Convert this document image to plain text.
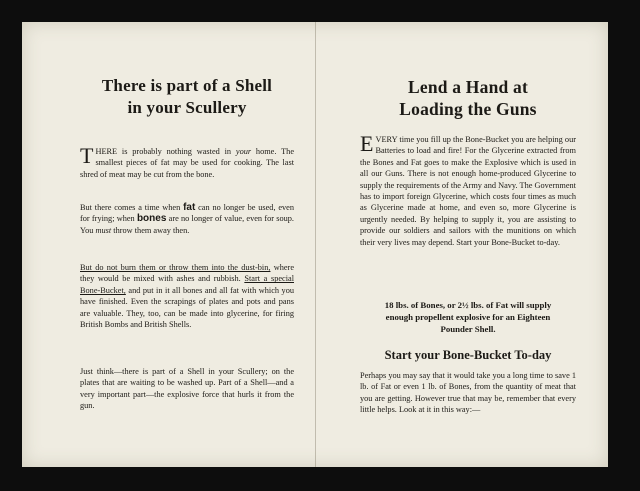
There is part of a Shell
in your Scullery

THERE is probably nothing wasted in your home. The smallest pieces of fat may be used for cooking. The last shred of meat may be cut from the bone.

But there comes a time when fat can no longer be used, even for frying; when bones are no longer of value, even for soup. You must throw them away then.

But do not burn them or throw them into the dust-bin, where they would be mixed with ashes and rubbish. Start a special Bone-Bucket, and put in it all bones and all fat with which you have finished. Even the scrapings of plates and pots and pans are valuable. They, too, can be made into glycerine, for firing British Bombs and British Shells.

Just think—there is part of a Shell in your Scullery; on the plates that are waiting to be washed up. Part of a Shell—and a very important part—the explosive force that hurls it from the gun.

Lend a Hand at
Loading the Guns

EVERY time you fill up the Bone-Bucket you are helping our Batteries to load and fire! For the Glycerine extracted from the Bones and Fat goes to make the Explosive which is used in all our Guns. There is not enough home-produced Glycerine to supply the requirements of the Army and Navy. The Government has to import foreign Glycerine, which costs four times as much as Glycerine made at home, and even so, more Glycerine is urgently needed. By helping to supply it, you are assisting to provide our soldiers and sailors with the munitions on which their very lives may depend. Start your Bone-Bucket to-day.

18 lbs. of Bones, or 2½ lbs. of Fat will supply enough propellent explosive for an Eighteen Pounder Shell.
Start your Bone-Bucket To-day

Perhaps you may say that it would take you a long time to save 1 lb. of Fat or even 1 lb. of Bones, from the quantity of meat that you are getting. However true that may be, remember that every little helps. Look at it in this way:—
